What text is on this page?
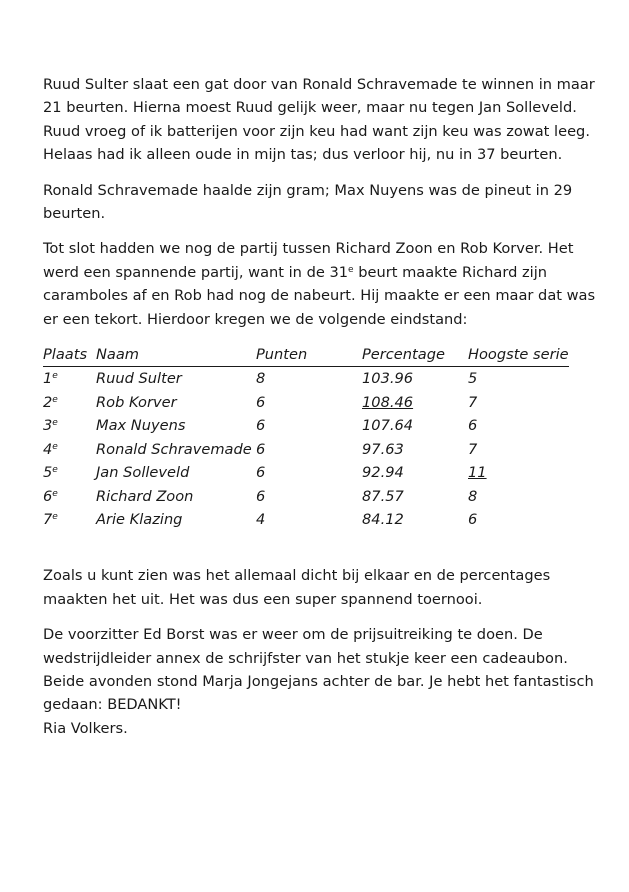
Ruud Sulter slaat een gat door van Ronald Schravemade te winnen in maar 21 beurten. Hierna moest Ruud gelijk weer, maar nu tegen Jan Solleveld. Ruud vroeg of ik batterijen voor zijn keu had want zijn keu was zowat leeg. Helaas had ik alleen oude in mijn tas; dus verloor hij, nu in 37 beurten.

Ronald Schravemade haalde zijn gram; Max Nuyens was de pineut in 29 beurten.

Tot slot hadden we nog de partij tussen Richard Zoon en Rob Korver. Het werd een spannende partij, want in de 31e beurt maakte Richard zijn caramboles af en Rob had nog de nabeurt. Hij maakte er een maar dat was er een tekort. Hierdoor kregen we de volgende eindstand:

Plaats	Naam	Punten	Percentage	Hoogste serie
1e	Ruud Sulter	8	103.96	5
2e	Rob Korver	6	108.46	7
3e	Max Nuyens	6	107.64	6
4e	Ronald Schravemade	6	97.63	7
5e	Jan Solleveld	6	92.94	11
6e	Richard Zoon	6	87.57	8
7e	Arie Klazing	4	84.12	6

Zoals u kunt zien was het allemaal dicht bij elkaar en de percentages maakten het uit. Het was dus een super spannend toernooi.

De voorzitter Ed Borst was er weer om de prijsuitreiking te doen. De wedstrijdleider annex de schrijfster van het stukje keer een cadeaubon. Beide avonden stond Marja Jongejans achter de bar. Je hebt het fantastisch gedaan: BEDANKT!

Ria Volkers.
